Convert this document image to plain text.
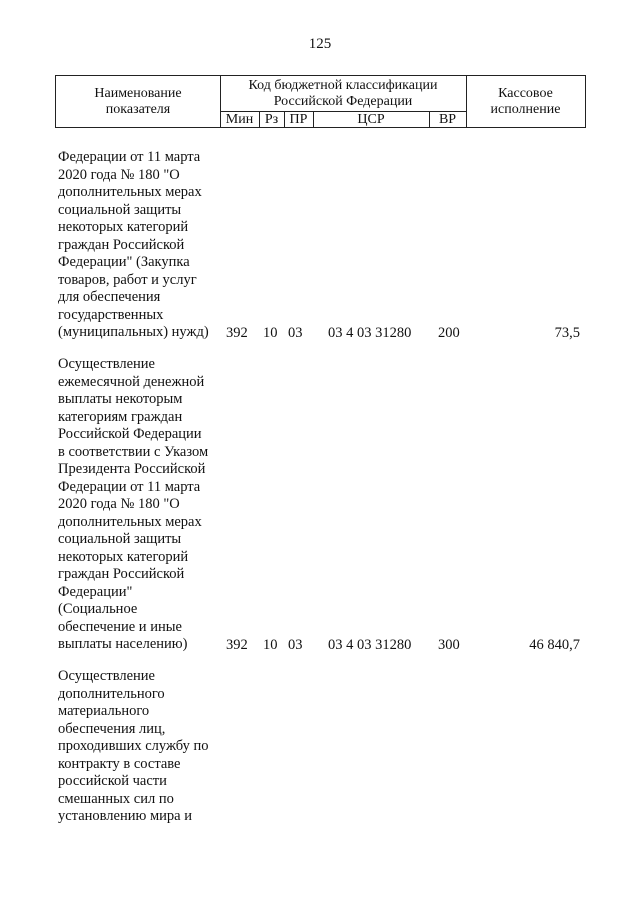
125
Наименование
показателя
Код бюджетной классификации
Российской Федерации
Мин Рз ПР	ЦСР	ВР
Кассовое
исполнение
Федерации от 11 марта
2020 года № 180 "О
дополнительных мерах
социальной защиты
некоторых категорий
граждан Российской
Федерации" (Закупка
товаров, работ и услуг
для обеспечения
государственных
(муниципальных) нужд)	392 10 03 03 4 03 31280 200	73,5
Осуществление
ежемесячной денежной
выплаты некоторым
категориям граждан
Российской Федерации
в соответствии с Указом
Президента Российской
Федерации от 11 марта
2020 года № 180 "О
дополнительных мерах
социальной защиты
некоторых категорий
граждан Российской
Федерации"
(Социальное
обеспечение и иные
выплаты населению)	392 10 03 03 4 03 31280 300	46 840,7
Осуществление
дополнительного
материального
обеспечения лиц,
проходивших службу по
контракту в составе
российской части
смешанных сил по
установлению мира и
